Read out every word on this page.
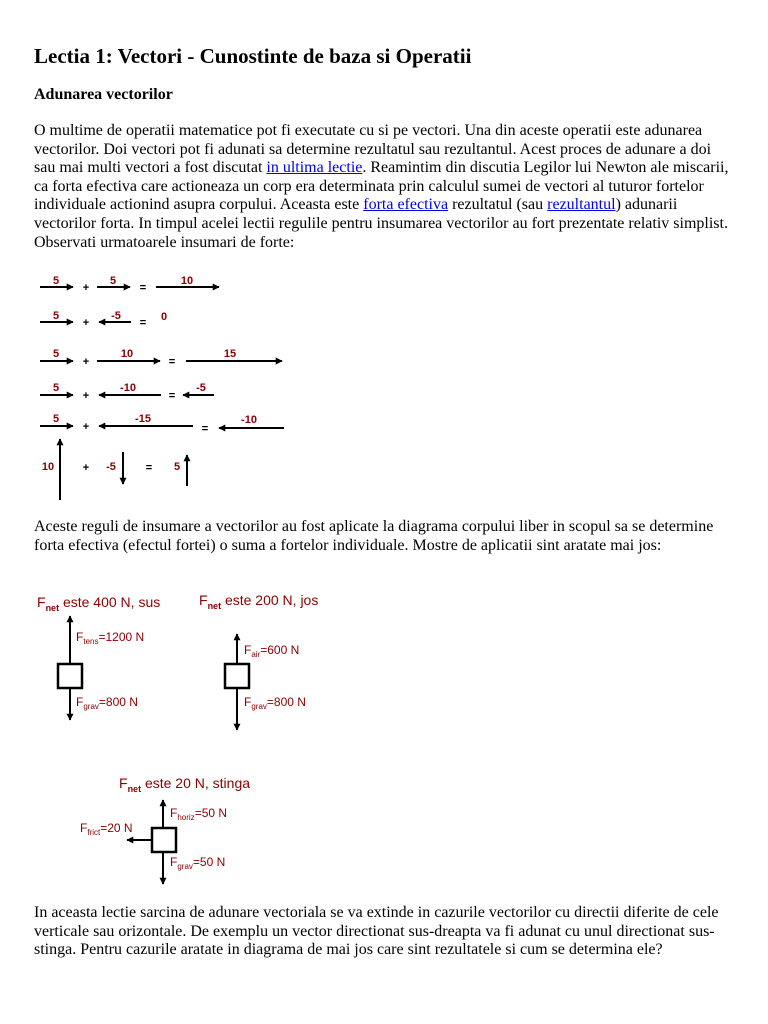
Lectia 1: Vectori - Cunostinte de baza si Operatii
Adunarea vectorilor

O multime de operatii matematice pot fi executate cu si pe vectori. Una din aceste operatii este adunarea vectorilor. Doi vectori pot fi adunati sa determine rezultatul sau rezultantul. Acest proces de adunare a doi sau mai multi vectori a fost discutat in ultima lectie. Reamintim din discutia Legilor lui Newton ale miscarii, ca forta efectiva care actioneaza un corp era determinata prin calculul sumei de vectori al tuturor fortelor individuale actionind asupra corpului. Aceasta este forta efectiva rezultatul (sau rezultantul) adunarii vectorilor forta. In timpul acelei lectii regulile pentru insumarea vectorilor au fort prezentate relativ simplist. Observati urmatoarele insumari de forte:

Aceste reguli de insumare a vectorilor au fost aplicate la diagrama corpului liber in scopul sa se determine forta efectiva (efectul fortei) o suma a fortelor individuale. Mostre de aplicatii sint aratate mai jos:

In aceasta lectie sarcina de adunare vectoriala se va extinde in cazurile vectorilor cu directii diferite de cele verticale sau orizontale. De exemplu un vector directionat sus-dreapta va fi adunat cu unul directionat sus-stinga. Pentru cazurile aratate in diagrama de mai jos care sint rezultatele si cum se determina ele?

5
+
5
=
10
5
+
-5
= 0
5
+
10
=
15
5
+
-10
=
-5
5
+
-15
=
-10
10	+ -5	= 5
$F_{net}$ este 400 N, sus
$F_{tens}=1200$ N
$F_{grav}=800$ N
$F_{net}$ este 200 N, jos
$F_{air}=600$ N
$F_{grav}=800$ N
$F_{net}$ este 20 N, stinga
$F_{horiz}=50$ N
$F_{frict}=20$ N
$F_{grav}=50$ N
